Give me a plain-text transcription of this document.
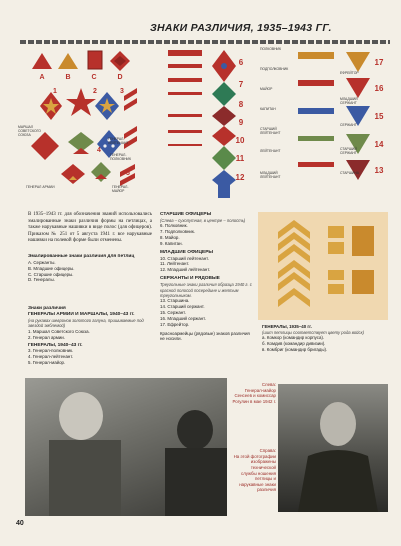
ЗНАКИ РАЗЛИЧИЯ, 1935–1943 ГГ.
A	B	C	D
1	2	3
4
5
МАРШАЛ СОВЕТСКОГО СОЮЗА
ГЕНЕРАЛ АРМИИ
ГЕНЕРАЛ-ЛЕЙТЕНАНТ
ГЕНЕРАЛ-ПОЛКОВНИК
ГЕНЕРАЛ-МАЙОР
6
7
8
9
10
11
12
ПОЛКОВНИК
ПОДПОЛКОВНИК
МАЙОР
КАПИТАН
СТАРШИЙ ЛЕЙТЕНАНТ
ЛЕЙТЕНАНТ
МЛАДШИЙ ЛЕЙТЕНАНТ
17
16
15
14
13
ЕФРЕЙТОР
МЛАДШИЙ СЕРЖАНТ
СЕРЖАНТ
СТАРШИЙ СЕРЖАНТ
СТАРШИНА
В 1935–1943 гг. для обозначения званий использовались эмалированные знаки различия формы на петлицах, а также нарукавные нашивки в виде полос (для офицеров). Приказом № 251 от 5 августа 1941 г. все нарукавные нашивки на полевой форме были отменены.
Эмалированные знаки различия для петлиц
A. Сержанты.
B. Младшие офицеры.
C. Старшие офицеры.
D. Генералы.
Знаки различия
ГЕНЕРАЛЫ АРМИИ И МАРШАЛЫ, 1940–43 гг.
(на рукавах шевронов золотого галуна, пришиваемые под звездой эмблемой)
1. Маршал Советского Союза.
2. Генерал армии.
ГЕНЕРАЛЫ, 1940–43 гг.
3. Генерал-полковник.
4. Генерал-лейтенант.
5. Генерал-майор.
СТАРШИЕ ОФИЦЕРЫ
(Слева – сухопутная, в центре – полость)
6. Полковник.
7. Подполковник.
8. Майор.
9. Капитан.
МЛАДШИЕ ОФИЦЕРЫ
10. Старший лейтенант.
11. Лейтенант.
12. Младший лейтенант.
СЕРЖАНТЫ И РЯДОВЫЕ
Треугольные знаки различия образца 1940 г. с красной полосой посередине и желтым треугольником.
13. Старшина.
14. Старший сержант.
15. Сержант.
16. Младший сержант.
17. Ефрейтор.
Красноармейцы (рядовые) знаков различия не носили.
ГЕНЕРАЛЫ, 1935–40 гг.
(шит петлицы соответствует цвету рода войск)
a. Комкор (командир корпуса).
б. Комдив (командир дивизии).
в. Комбриг (командир бригады).
Слева:
Генерал-майор
Сенсеев и комиссар
Рогулин в мае 1942 г.
Справа:
На этой фотографии
изображены
технической
службы ношения
петлицы и
нарукавные знаки
различия
40
